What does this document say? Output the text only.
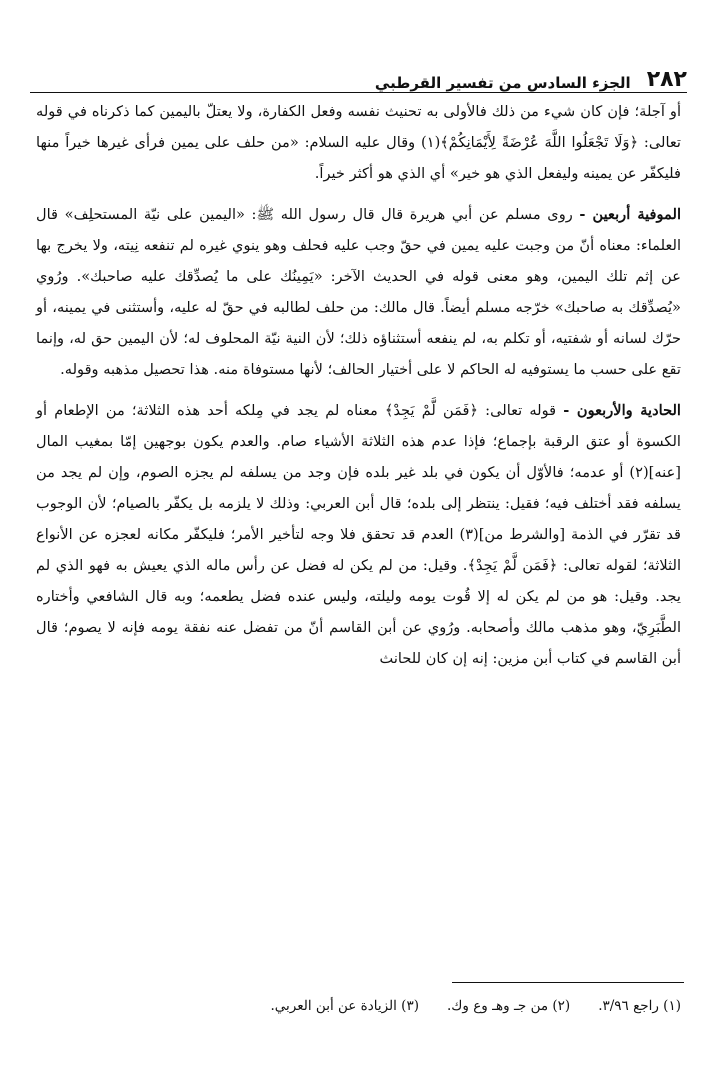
٢٨٢
الجزء السادس من تفسير القرطبي

أو آجلة؛ فإن كان شيء من ذلك فالأولى به تحنيث نفسه وفعل الكفارة، ولا يعتلّ باليمين كما ذكرناه في قوله تعالى: ﴿وَلَا تَجْعَلُوا اللَّهَ عُرْضَةً لِأَيْمَانِكُمْ﴾(١) وقال عليه السلام: «من حلف على يمين فرأى غيرها خيراً منها فليكفّر عن يمينه وليفعل الذي هو خير» أي الذي هو أكثر خيراً.

الموفية أربعين - روى مسلم عن أبي هريرة قال قال رسول الله ﷺ: «اليمين على نيّة المستحلِف» قال العلماء: معناه أنّ من وجبت عليه يمين في حقّ وجب عليه فحلف وهو ينوي غيره لم تنفعه نِيته، ولا يخرج بها عن إثم تلك اليمين، وهو معنى قوله في الحديث الآخر: «يَمِينُك على ما يُصدِّقك عليه صاحبك». ورُوي «يُصدِّقك به صاحبك» خرّجه مسلم أيضاً. قال مالك: من حلف لطالبه في حقّ له عليه، وأستثنى في يمينه، أو حرّك لسانه أو شفتيه، أو تكلم به، لم ينفعه أستثناؤه ذلك؛ لأن النية نيّة المحلوف له؛ لأن اليمين حق له، وإنما تقع على حسب ما يستوفيه له الحاكم لا على أختيار الحالف؛ لأنها مستوفاة منه. هذا تحصيل مذهبه وقوله.

الحادية والأربعون - قوله تعالى: ﴿فَمَن لَّمْ يَجِدْ﴾ معناه لم يجد في مِلكه أحد هذه الثلاثة؛ من الإطعام أو الكسوة أو عتق الرقبة بإجماع؛ فإذا عدم هذه الثلاثة الأشياء صام. والعدم يكون بوجهين إمّا بمغيب المال [عنه](٢) أو عدمه؛ فالأوّل أن يكون في بلد غير بلده فإن وجد من يسلفه لم يجزه الصوم، وإن لم يجد من يسلفه فقد أختلف فيه؛ فقيل: ينتظر إلى بلده؛ قال أبن العربي: وذلك لا يلزمه بل يكفّر بالصيام؛ لأن الوجوب قد تقرّر في الذمة [والشرط من](٣) العدم قد تحقق فلا وجه لتأخير الأمر؛ فليكفّر مكانه لعجزه عن الأنواع الثلاثة؛ لقوله تعالى: ﴿فَمَن لَّمْ يَجِدْ﴾. وقيل: من لم يكن له فضل عن رأس ماله الذي يعيش به فهو الذي لم يجد. وقيل: هو من لم يكن له إلا قُوت يومه وليلته، وليس عنده فضل يطعمه؛ وبه قال الشافعي وأختاره الطَّبَرِيّ، وهو مذهب مالك وأصحابه. ورُوي عن أبن القاسم أنّ من تفضل عنه نفقة يومه فإنه لا يصوم؛ قال أبن القاسم في كتاب أبن مزين: إنه إن كان للحانث

(١) راجع ٣/٩٦.
(٢) من جـ وهـ وع وك.
(٣) الزيادة عن أبن العربي.
